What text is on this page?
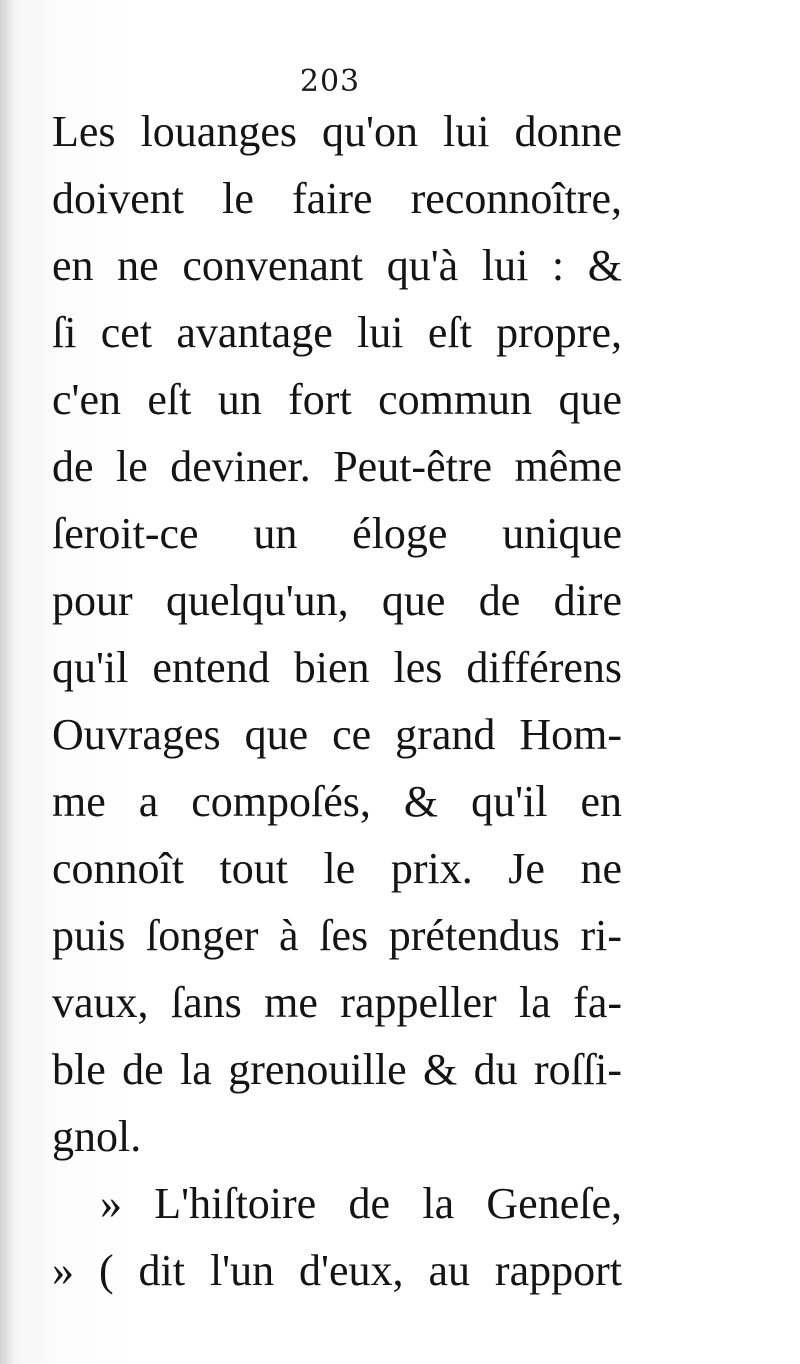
203
Les louanges qu'on lui donne
doivent le faire reconnoître,
en ne convenant qu'à lui : &
ſi cet avantage lui eſt propre,
c'en eſt un fort commun que
de le deviner. Peut-être même
ſeroit-ce un éloge unique
pour quelqu'un, que de dire
qu'il entend bien les différens
Ouvrages que ce grand Hom-
me a compoſés, & qu'il en
connoît tout le prix. Je ne
puis ſonger à ſes prétendus ri-
vaux, ſans me rappeller la fa-
ble de la grenouille & du roſſi-
gnol.
» L'hiſtoire de la Geneſe,
» ( dit l'un d'eux, au rapport
